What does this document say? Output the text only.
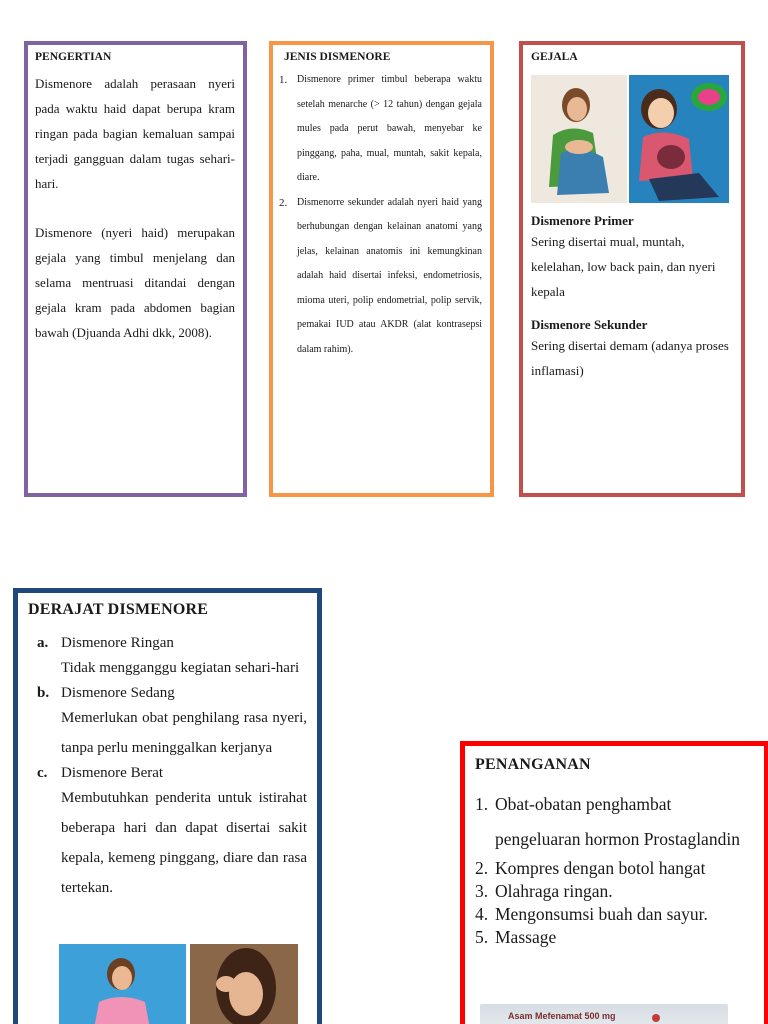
PENGERTIAN

Dismenore adalah perasaan nyeri pada waktu haid dapat berupa kram ringan pada bagian kemaluan sampai terjadi gangguan dalam tugas sehari-hari.

Dismenore (nyeri haid) merupakan gejala yang timbul menjelang dan selama mentruasi ditandai dengan gejala kram pada abdomen bagian bawah (Djuanda Adhi dkk, 2008).

JENIS DISMENORE
1. Dismenore primer timbul beberapa waktu setelah menarche (> 12 tahun) dengan gejala mules pada perut bawah, menyebar ke pinggang, paha, mual, muntah, sakit kepala, diare.
2. Dismenorre sekunder adalah nyeri haid yang berhubungan dengan kelainan anatomi yang jelas, kelainan anatomis ini kemungkinan adalah haid disertai infeksi, endometriosis, mioma uteri, polip endometrial, polip servik, pemakai IUD atau AKDR (alat kontrasepsi dalam rahim).
GEJALA
Dismenore Primer
Sering disertai mual, muntah, kelelahan, low back pain, dan nyeri kepala
Dismenore Sekunder
Sering disertai demam (adanya proses inflamasi)
DERAJAT DISMENORE
a. Dismenore Ringan
Tidak mengganggu kegiatan sehari-hari
b. Dismenore Sedang
Memerlukan obat penghilang rasa nyeri, tanpa perlu meninggalkan kerjanya
c. Dismenore Berat
Membutuhkan penderita untuk istirahat beberapa hari dan dapat disertai sakit kepala, kemeng pinggang, diare dan rasa tertekan.
PENANGANAN
1. Obat-obatan penghambat pengeluaran hormon Prostaglandin
2. Kompres dengan botol hangat
3. Olahraga ringan.
4. Mengonsumsi buah dan sayur.
5. Massage
Asam Mefenamat 500 mg
